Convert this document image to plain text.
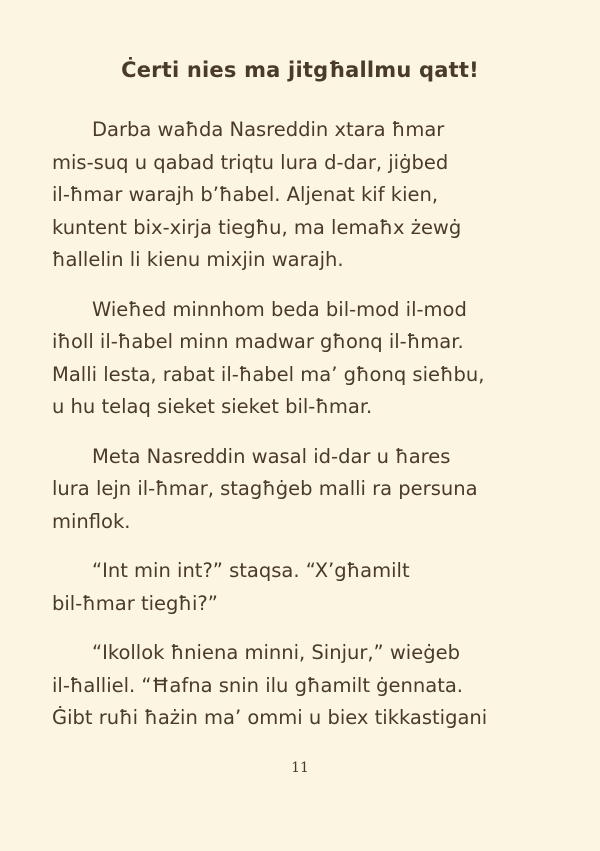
Ċerti nies ma jitgħallmu qatt!

Darba waħda Nasreddin xtara ħmar
mis-suq u qabad triqtu lura d-dar, jiġbed
il-ħmar warajh b’ħabel. Aljenat kif kien,
kuntent bix-xirja tiegħu, ma lemaħx żewġ
ħallelin li kienu mixjin warajh.

Wieħed minnhom beda bil-mod il-mod
iħoll il-ħabel minn madwar għonq il-ħmar.
Malli lesta, rabat il-ħabel ma’ għonq sieħbu,
u hu telaq sieket sieket bil-ħmar.

Meta Nasreddin wasal id-dar u ħares
lura lejn il-ħmar, stagħġeb malli ra persuna
minflok.

“Int min int?” staqsa. “X’għamilt
bil-ħmar tiegħi?”

“Ikollok ħniena minni, Sinjur,” wieġeb
il-ħalliel. “Ħafna snin ilu għamilt ġennata.
Ġibt ruħi ħażin ma’ ommi u biex tikkastigani

11
